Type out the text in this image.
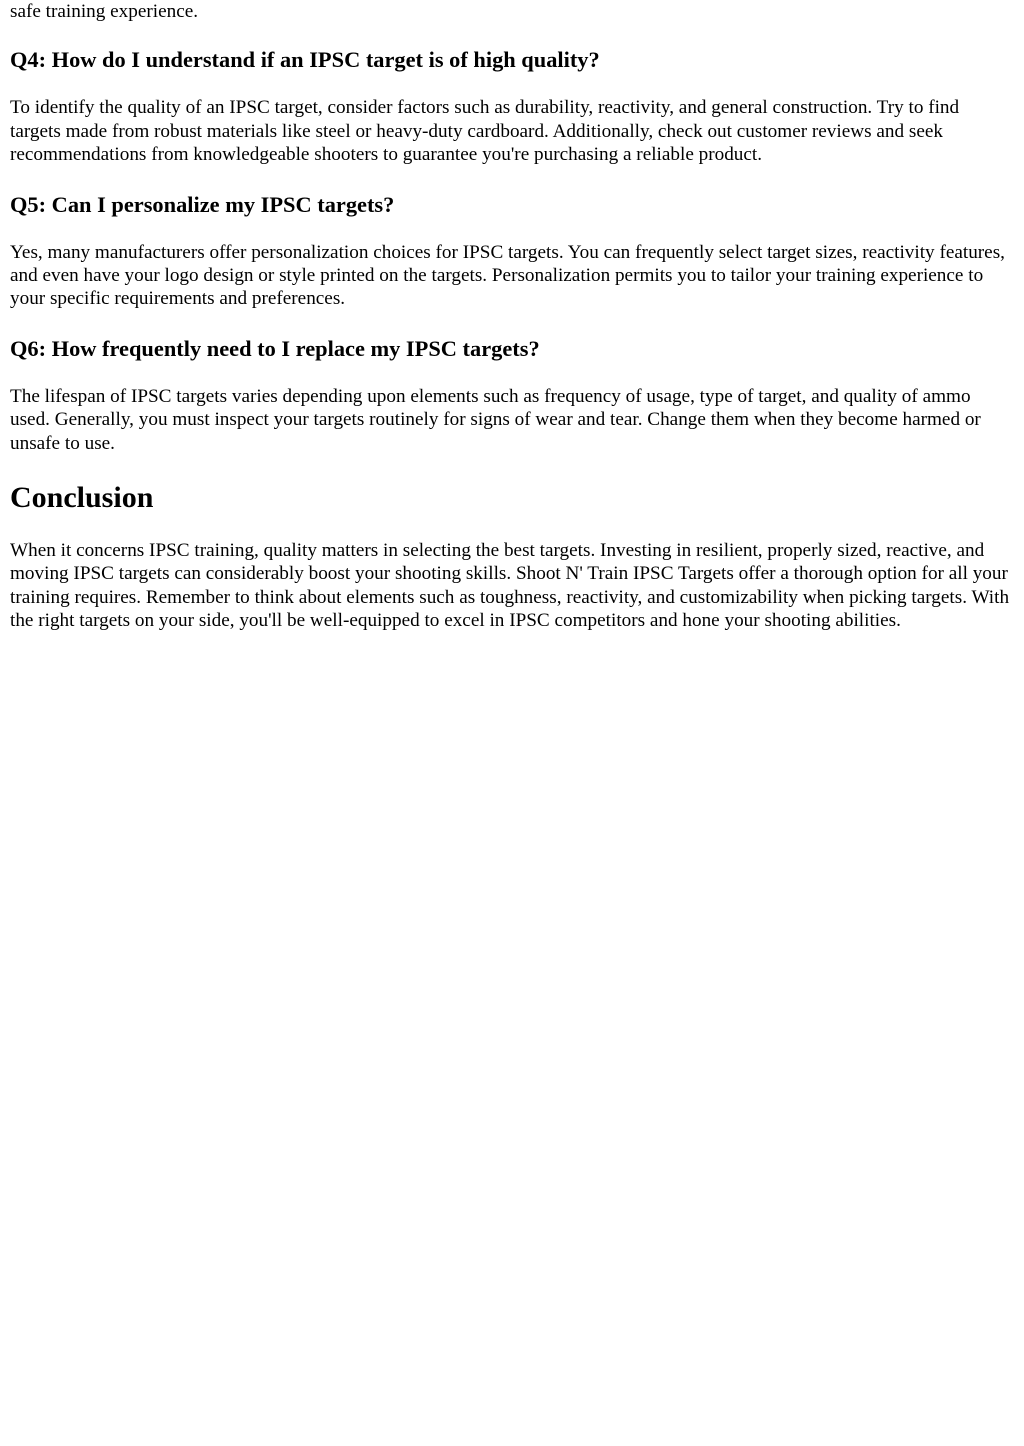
safe training experience.

Q4: How do I understand if an IPSC target is of high quality?

To identify the quality of an IPSC target, consider factors such as durability, reactivity, and general construction. Try to find targets made from robust materials like steel or heavy-duty cardboard. Additionally, check out customer reviews and seek recommendations from knowledgeable shooters to guarantee you're purchasing a reliable product.

Q5: Can I personalize my IPSC targets?

Yes, many manufacturers offer personalization choices for IPSC targets. You can frequently select target sizes, reactivity features, and even have your logo design or style printed on the targets. Personalization permits you to tailor your training experience to your specific requirements and preferences.

Q6: How frequently need to I replace my IPSC targets?

The lifespan of IPSC targets varies depending upon elements such as frequency of usage, type of target, and quality of ammo used. Generally, you must inspect your targets routinely for signs of wear and tear. Change them when they become harmed or unsafe to use.

Conclusion

When it concerns IPSC training, quality matters in selecting the best targets. Investing in resilient, properly sized, reactive, and moving IPSC targets can considerably boost your shooting skills. Shoot N' Train IPSC Targets offer a thorough option for all your training requires. Remember to think about elements such as toughness, reactivity, and customizability when picking targets. With the right targets on your side, you'll be well-equipped to excel in IPSC competitors and hone your shooting abilities.
